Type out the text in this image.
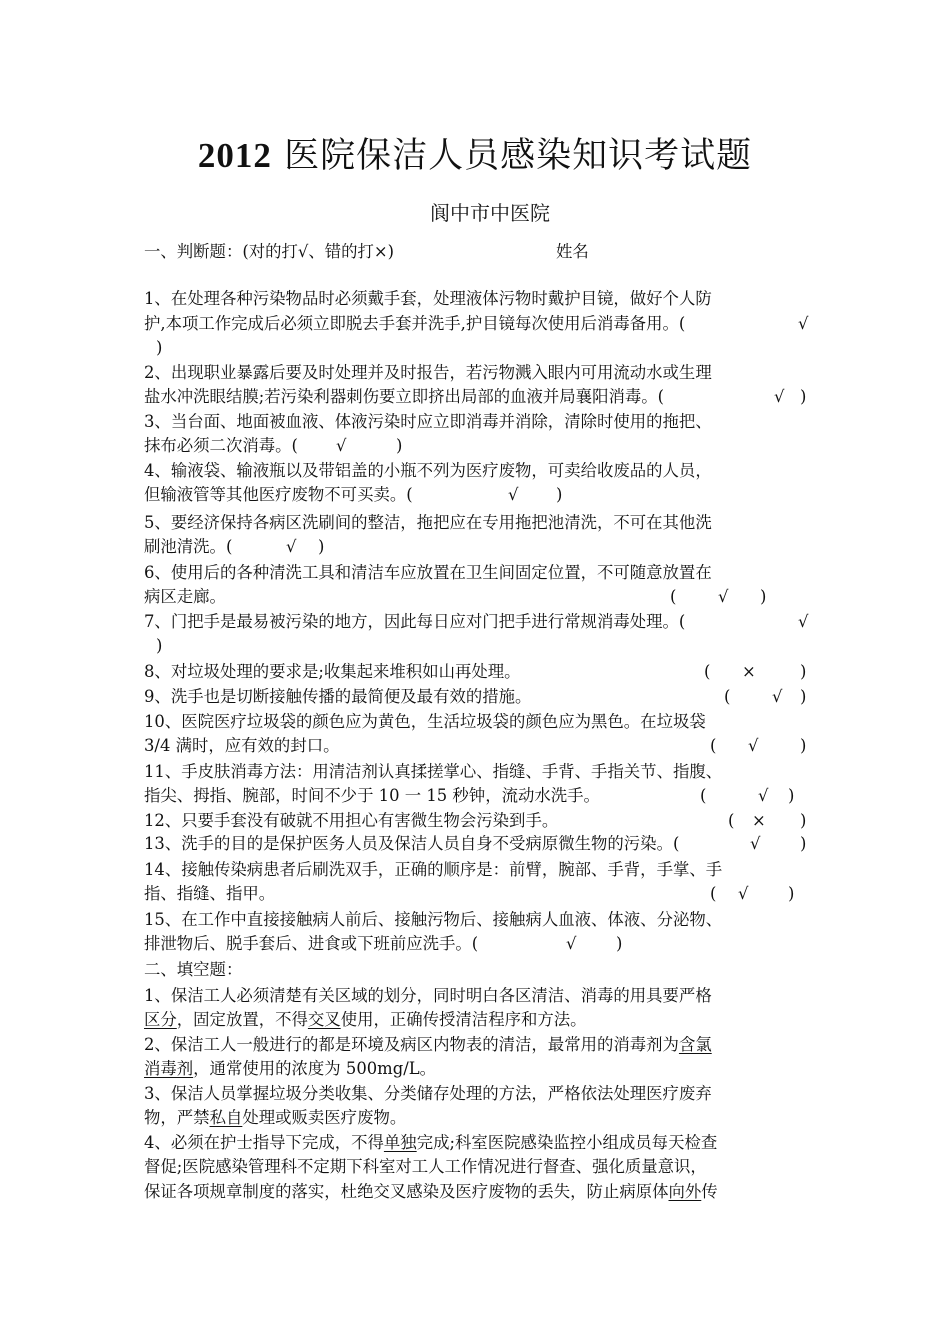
2012 医院保洁人员感染知识考试题
阆中市中医院
一、判断题：(对的打√、错的打×)	姓名
1、在处理各种污染物品时必须戴手套，处理液体污物时戴护目镜，做好个人防
护,本项工作完成后必须立即脱去手套并洗手,护目镜每次使用后消毒备用。(	√
)
2、出现职业暴露后要及时处理并及时报告，若污物溅入眼内可用流动水或生理
盐水冲洗眼结膜;若污染利器刺伤要立即挤出局部的血液并局襄阳消毒。(	√ )
3、当台面、地面被血液、体液污染时应立即消毒并消除，清除时使用的拖把、
抹布必须二次消毒。( √	)
4、输液袋、输液瓶以及带铝盖的小瓶不列为医疗废物，可卖给收废品的人员，
但输液管等其他医疗废物不可买卖。(	√ )
5、要经济保持各病区洗刷间的整洁，拖把应在专用拖把池清洗，不可在其他洗
刷池清洗。(	√ )
6、使用后的各种清洗工具和清洁车应放置在卫生间固定位置，不可随意放置在
病区走廊。	(	√ )
7、门把手是最易被污染的地方，因此每日应对门把手进行常规消毒处理。(	√
)
8、对垃圾处理的要求是;收集起来堆积如山再处理。	( ×	)
9、洗手也是切断接触传播的最简便及最有效的措施。	(	√ )
10、医院医疗垃圾袋的颜色应为黄色，生活垃圾袋的颜色应为黑色。在垃圾袋
3/4 满时，应有效的封口。	( √	)
11、手皮肤消毒方法：用清洁剂认真揉搓掌心、指缝、手背、手指关节、指腹、
指尖、拇指、腕部，时间不少于 10 一 15 秒钟，流动水洗手。	(	√ )
12、只要手套没有破就不用担心有害微生物会污染到手。	( × )
13、洗手的目的是保护医务人员及保洁人员自身不受病原微生物的污染。(	√ )
14、接触传染病患者后刷洗双手，正确的顺序是：前臂，腕部、手背，手掌、手
指、指缝、指甲。	( √ )
15、在工作中直接接触病人前后、接触污物后、接触病人血液、体液、分泌物、
排泄物后、脱手套后、进食或下班前应洗手。(	√ )
二、填空题：
1、保洁工人必须清楚有关区域的划分，同时明白各区清洁、消毒的用具要严格
区分，固定放置，不得交叉使用，正确传授清洁程序和方法。
2、保洁工人一般进行的都是环境及病区内物表的清洁，最常用的消毒剂为含氯
消毒剂，通常使用的浓度为 500mg/L。
3、保洁人员掌握垃圾分类收集、分类储存处理的方法，严格依法处理医疗废弃
物，严禁私自处理或贩卖医疗废物。
4、必须在护士指导下完成，不得单独完成;科室医院感染监控小组成员每天检查
督促;医院感染管理科不定期下科室对工人工作情况进行督查、强化质量意识，
保证各项规章制度的落实，杜绝交叉感染及医疗废物的丢失，防止病原体向外传
